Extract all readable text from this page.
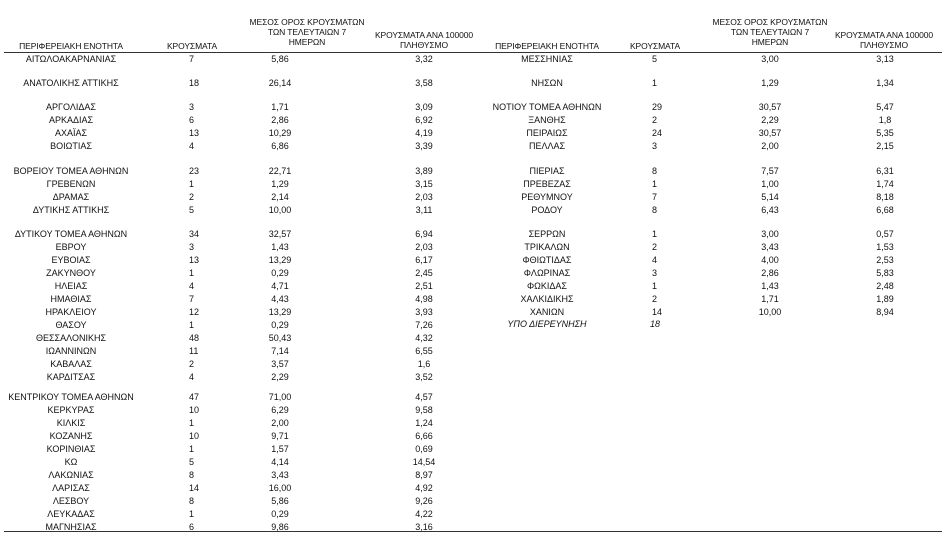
ΠΕΡΙΦΕΡΕΙΑΚΗ ΕΝΟΤΗΤΑ	ΚΡΟΥΣΜΑΤΑ
ΜΕΣΟΣ ΟΡΟΣ ΚΡΟΥΣΜΑΤΩΝ
ΤΩΝ ΤΕΛΕΥΤΑΙΩΝ 7
ΗΜΕΡΩΝ
ΚΡΟΥΣΜΑΤΑ ΑΝΑ 100000
ΠΛΗΘΥΣΜΟ	ΠΕΡΙΦΕΡΕΙΑΚΗ ΕΝΟΤΗΤΑ	ΚΡΟΥΣΜΑΤΑ
ΜΕΣΟΣ ΟΡΟΣ ΚΡΟΥΣΜΑΤΩΝ
ΤΩΝ ΤΕΛΕΥΤΑΙΩΝ 7
ΗΜΕΡΩΝ
ΚΡΟΥΣΜΑΤΑ ΑΝΑ 100000
ΠΛΗΘΥΣΜΟ
ΑΙΤΩΛΟΑΚΑΡΝΑΝΙΑΣ	7	5,86	3,32
ΑΝΑΤΟΛΙΚΗΣ ΑΤΤΙΚΗΣ	18	26,14	3,58
ΑΡΓΟΛΙΔΑΣ	3	1,71	3,09
ΑΡΚΑΔΙΑΣ	6	2,86	6,92
ΑΧΑΪΑΣ	13	10,29	4,19
ΒΟΙΩΤΙΑΣ	4	6,86	3,39
ΒΟΡΕΙΟΥ ΤΟΜΕΑ ΑΘΗΝΩΝ	23	22,71	3,89
ΓΡΕΒΕΝΩΝ	1	1,29	3,15
ΔΡΑΜΑΣ	2	2,14	2,03
ΔΥΤΙΚΗΣ ΑΤΤΙΚΗΣ	5	10,00	3,11
ΔΥΤΙΚΟΥ ΤΟΜΕΑ ΑΘΗΝΩΝ	34	32,57	6,94
ΕΒΡΟΥ	3	1,43	2,03
ΕΥΒΟΙΑΣ	13	13,29	6,17
ΖΑΚΥΝΘΟΥ	1	0,29	2,45
ΗΛΕΙΑΣ	4	4,71	2,51
ΗΜΑΘΙΑΣ	7	4,43	4,98
ΗΡΑΚΛΕΙΟΥ	12	13,29	3,93
ΘΑΣΟΥ	1	0,29	7,26
ΘΕΣΣΑΛΟΝΙΚΗΣ	48	50,43	4,32
ΙΩΑΝΝΙΝΩΝ	11	7,14	6,55
ΚΑΒΑΛΑΣ	2	3,57	1,6
ΚΑΡΔΙΤΣΑΣ	4	2,29	3,52
ΚΕΝΤΡΙΚΟΥ ΤΟΜΕΑ ΑΘΗΝΩΝ	47	71,00	4,57
ΚΕΡΚΥΡΑΣ	10	6,29	9,58
ΚΙΛΚΙΣ	1	2,00	1,24
ΚΟΖΑΝΗΣ	10	9,71	6,66
ΚΟΡΙΝΘΙΑΣ	1	1,57	0,69
ΚΩ	5	4,14	14,54
ΛΑΚΩΝΙΑΣ	8	3,43	8,97
ΛΑΡΙΣΑΣ	14	16,00	4,92
ΛΕΣΒΟΥ	8	5,86	9,26
ΛΕΥΚΑΔΑΣ	1	0,29	4,22
ΜΑΓΝΗΣΙΑΣ	6	9,86	3,16
ΜΕΣΣΗΝΙΑΣ	5	3,00	3,13
ΝΗΣΩΝ	1	1,29	1,34
ΝΟΤΙΟΥ ΤΟΜΕΑ ΑΘΗΝΩΝ	29	30,57	5,47
ΞΑΝΘΗΣ	2	2,29	1,8
ΠΕΙΡΑΙΩΣ	24	30,57	5,35
ΠΕΛΛΑΣ	3	2,00	2,15
ΠΙΕΡΙΑΣ	8	7,57	6,31
ΠΡΕΒΕΖΑΣ	1	1,00	1,74
ΡΕΘΥΜΝΟΥ	7	5,14	8,18
ΡΟΔΟΥ	8	6,43	6,68
ΣΕΡΡΩΝ	1	3,00	0,57
ΤΡΙΚΑΛΩΝ	2	3,43	1,53
ΦΘΙΩΤΙΔΑΣ	4	4,00	2,53
ΦΛΩΡΙΝΑΣ	3	2,86	5,83
ΦΩΚΙΔΑΣ	1	1,43	2,48
ΧΑΛΚΙΔΙΚΗΣ	2	1,71	1,89
ΧΑΝΙΩΝ	14	10,00	8,94
ΥΠΟ ΔΙΕΡΕΥΝΗΣΗ	18
